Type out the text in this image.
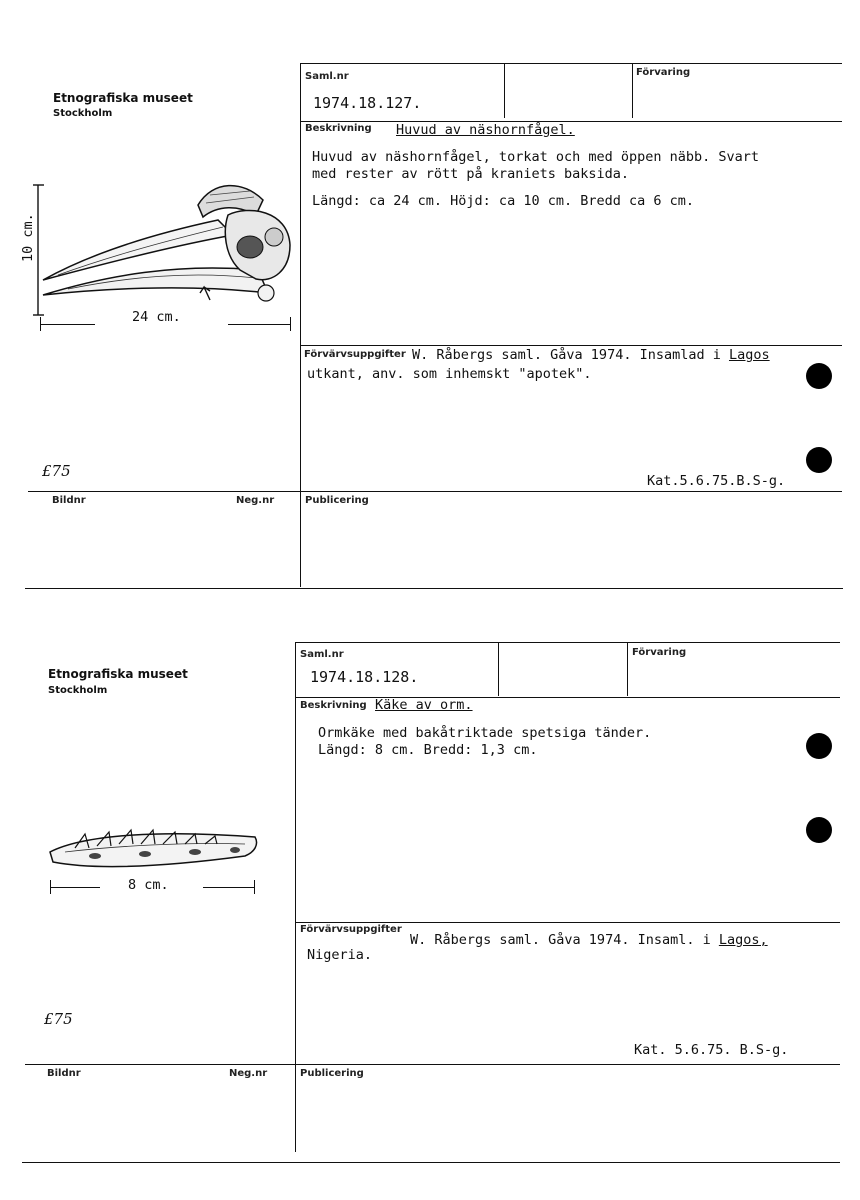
Etnografiska museet
Stockholm
Saml.nr
1974.18.127.
Förvaring
Beskrivning Huvud av näshornfågel.
Huvud av näshornfågel, torkat och med öppen näbb. Svart
med rester av rött på kraniets baksida.
Längd: ca 24 cm. Höjd: ca 10 cm. Bredd ca 6 cm.
Förvärvsuppgifter W. Råbergs saml. Gåva 1974. Insamlad i Lagos
utkant, anv. som inhemskt "apotek".
Kat.5.6.75.B.S-g.
£75
Bildnr	Neg.nr	Publicering
10 cm.
24 cm.
Etnografiska museet
Stockholm
Saml.nr
1974.18.128.
Förvaring
Beskrivning Käke av orm.
Ormkäke med bakåtriktade spetsiga tänder.
Längd: 8 cm. Bredd: 1,3 cm.
Förvärvsuppgifter
W. Råbergs saml. Gåva 1974. Insaml. i Lagos,
Nigeria.
Kat. 5.6.75. B.S-g.
£75
Bildnr	Neg.nr	Publicering
8 cm.
